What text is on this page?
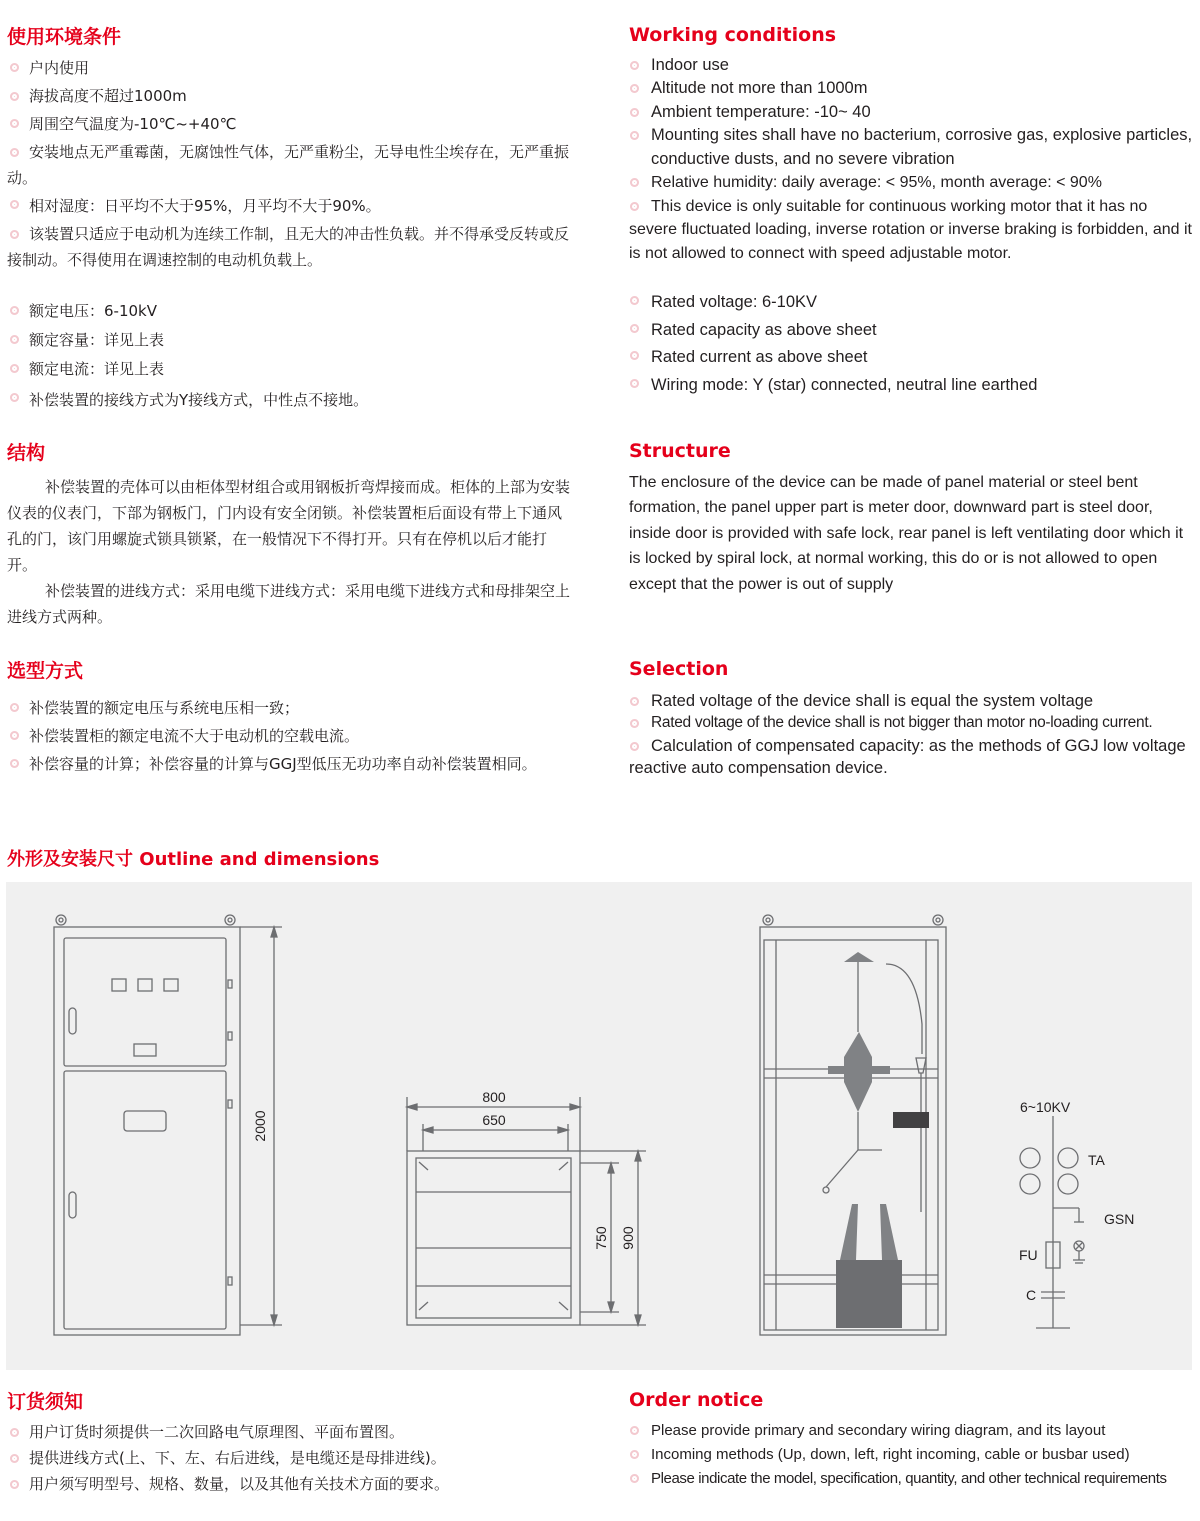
使用环境条件
户内使用
海拔高度不超过1000m
周围空气温度为-10℃~+40℃
安装地点无严重霉菌，无腐蚀性气体，无严重粉尘，无导电性尘埃存在，无严重振动。
相对湿度：日平均不大于95%，月平均不大于90%。
该装置只适应于电动机为连续工作制，且无大的冲击性负载。并不得承受反转或反接制动。不得使用在调速控制的电动机负载上。
额定电压：6-10kV
额定容量：详见上表
额定电流：详见上表
补偿装置的接线方式为Y接线方式，中性点不接地。
结构
补偿装置的壳体可以由柜体型材组合或用钢板折弯焊接而成。柜体的上部为安装仪表的仪表门，下部为钢板门，门内设有安全闭锁。补偿装置柜后面设有带上下通风孔的门，该门用螺旋式锁具锁紧，在一般情况下不得打开。只有在停机以后才能打开。
补偿装置的进线方式：采用电缆下进线方式：采用电缆下进线方式和母排架空上进线方式两种。
选型方式
补偿装置的额定电压与系统电压相一致；
补偿装置柜的额定电流不大于电动机的空载电流。
补偿容量的计算；补偿容量的计算与GGJ型低压无功功率自动补偿装置相同。
Working conditions
Indoor use
Altitude not more than 1000m
Ambient temperature: -10~ 40
Mounting sites shall have no bacterium, corrosive gas, explosive particles, conductive dusts, and no severe vibration
Relative humidity: daily average: < 95%, month average: < 90%
This device is only suitable for continuous working motor that it has no severe fluctuated loading, inverse rotation or inverse braking is forbidden, and it is not allowed to connect with speed adjustable motor.
Rated voltage: 6-10KV
Rated capacity as above sheet
Rated current as above sheet
Wiring mode: Y (star) connected, neutral line earthed
Structure
The enclosure of the device can be made of panel material or steel bent formation, the panel upper part is meter door, downward part is steel door, inside door is provided with safe lock, rear panel is left ventilating door which it is locked by spiral lock, at normal working, this do or is not allowed to open except that the power is out of supply
Selection
Rated voltage of the device shall is equal the system voltage
Rated voltage of the device shall is not bigger than motor no-loading current.
Calculation of compensated capacity: as the methods of GGJ low voltage reactive auto compensation device.
外形及安装尺寸 Outline and dimensions
2000
800
650
750 900
6~10KV
TA
GSN
FU
C
订货须知
用户订货时须提供一二次回路电气原理图、平面布置图。
提供进线方式(上、下、左、右后进线，是电缆还是母排进线)。
用户须写明型号、规格、数量，以及其他有关技术方面的要求。
Order notice
Please provide primary and secondary wiring diagram, and its layout
Incoming methods (Up, down, left, right incoming, cable or busbar used)
Please indicate the model, specification, quantity, and other technical requirements
